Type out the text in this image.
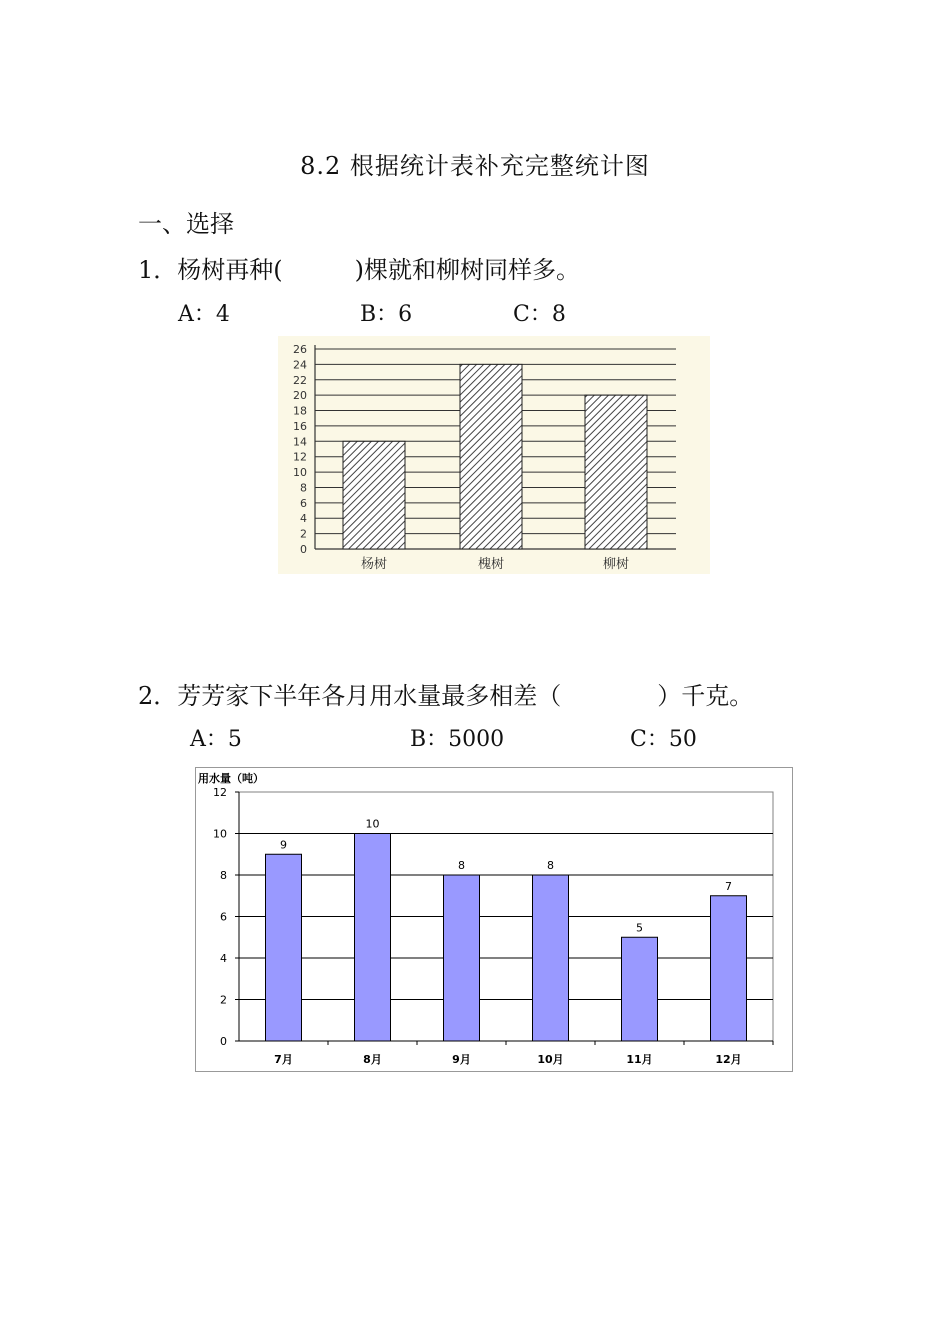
8.2 根据统计表补充完整统计图
一、选择
1．杨树再种(　　　)棵就和柳树同样多。
A：4	B：6	C：8
0
2
4
6
8
10
12
14
16
18
20
22
24
26
杨树	槐树	柳树
2．芳芳家下半年各月用水量最多相差（　　　　）千克。
A：5	B：5000	C：50
0
2
4
6
8
10
12
用水量（吨）
9
7月
10
8月
8
9月
8
10月
5
11月
7
12月
